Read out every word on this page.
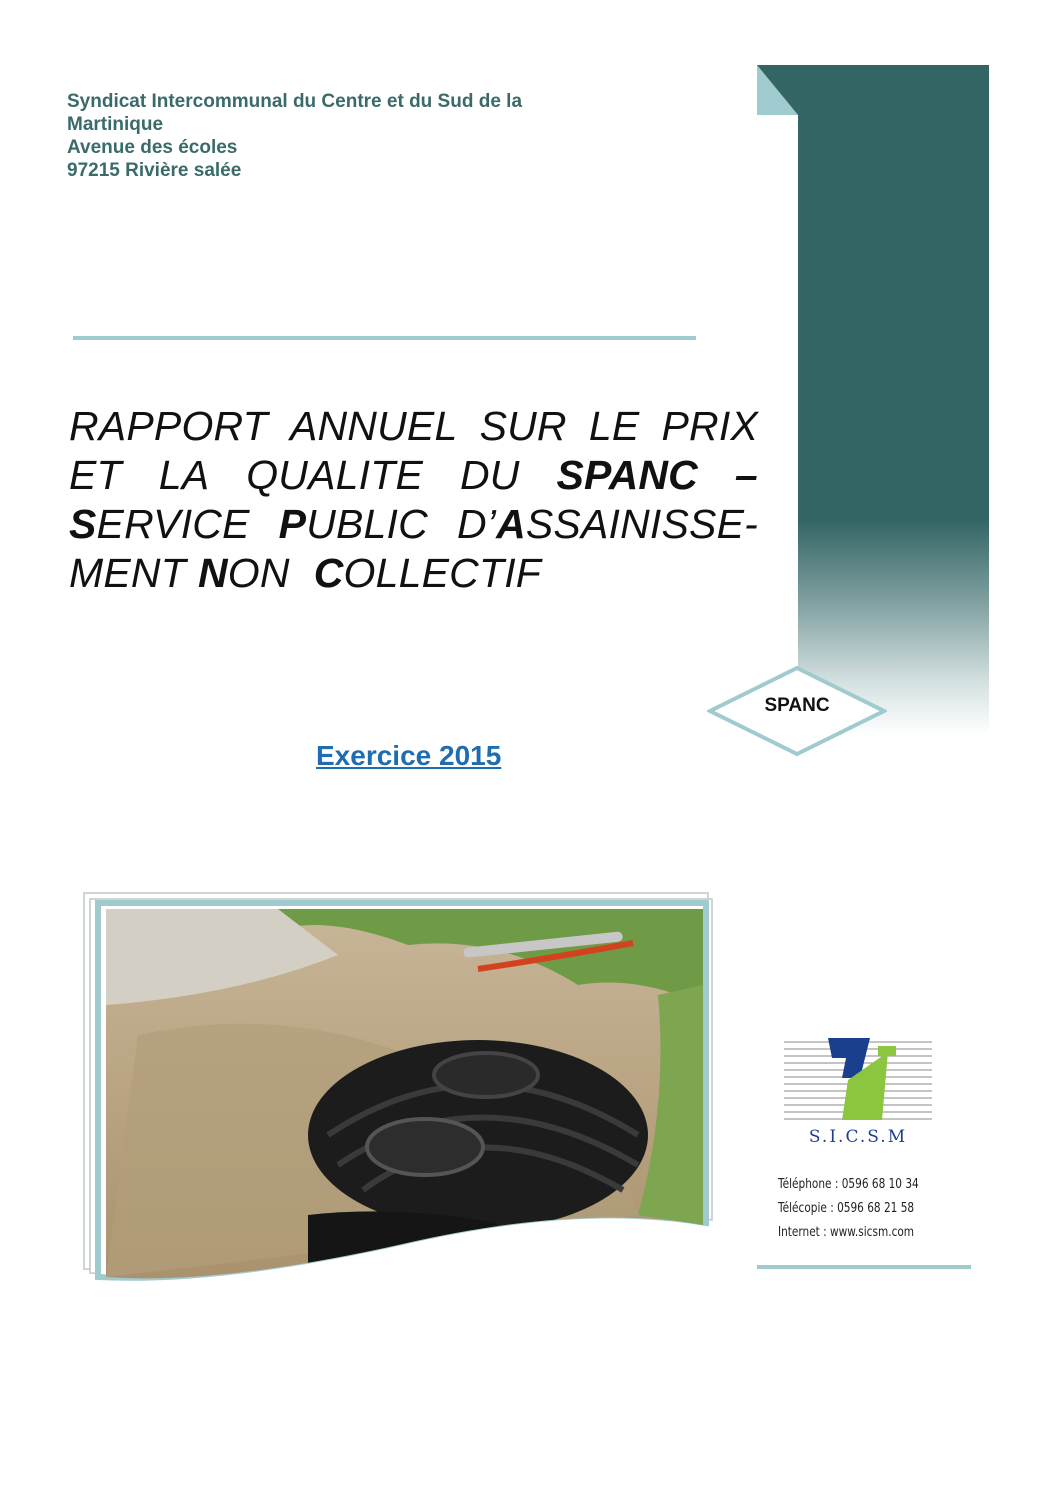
Syndicat Intercommunal du Centre et du Sud de la
Martinique
Avenue des écoles
97215 Rivière salée
RAPPORT ANNUEL SUR LE PRIX
ET LA QUALITE DU SPANC –
SERVICE PUBLIC D’ASSAINISSE-
MENT NON COLLECTIF
SPANC
Exercice 2015
S.I.C.S.M
Téléphone : 0596 68 10 34
Télécopie : 0596 68 21 58
Internet : www.sicsm.com
